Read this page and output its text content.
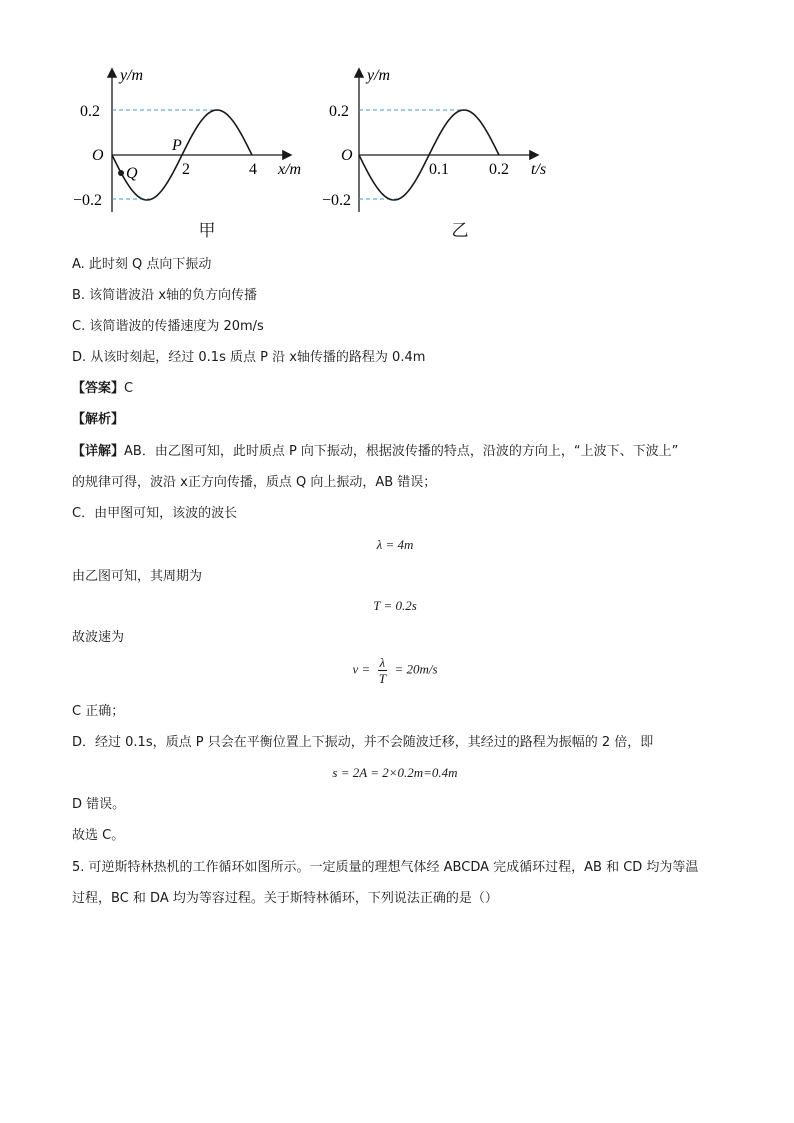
y/m
x/m
O
0.2
−0.2
2	4
P
Q
甲
y/m
t/s
O
0.2
−0.2
0.1	0.2
乙
A. 此时刻 Q 点向下振动
B. 该简谐波沿 x轴的负方向传播
C. 该简谐波的传播速度为 20m/s
D. 从该时刻起，经过 0.1s 质点 P 沿 x轴传播的路程为 0.4m
【答案】C
【解析】
【详解】AB．由乙图可知，此时质点 P 向下振动，根据波传播的特点，沿波的方向上，“上波下、下波上”
的规律可得，波沿 x正方向传播，质点 Q 向上振动，AB 错误；
C．由甲图可知，该波的波长
λ = 4m
由乙图可知，其周期为
T = 0.2s
故波速为
$v = \frac{\lambda}{T} = 20m/s$
C 正确；
D．经过 0.1s，质点 P 只会在平衡位置上下振动，并不会随波迁移，其经过的路程为振幅的 2 倍，即
s = 2A = 2×0.2m=0.4m
D 错误。
故选 C。
5. 可逆斯特林热机的工作循环如图所示。一定质量的理想气体经 ABCDA 完成循环过程，AB 和 CD 均为等温
过程，BC 和 DA 均为等容过程。关于斯特林循环，下列说法正确的是（）
